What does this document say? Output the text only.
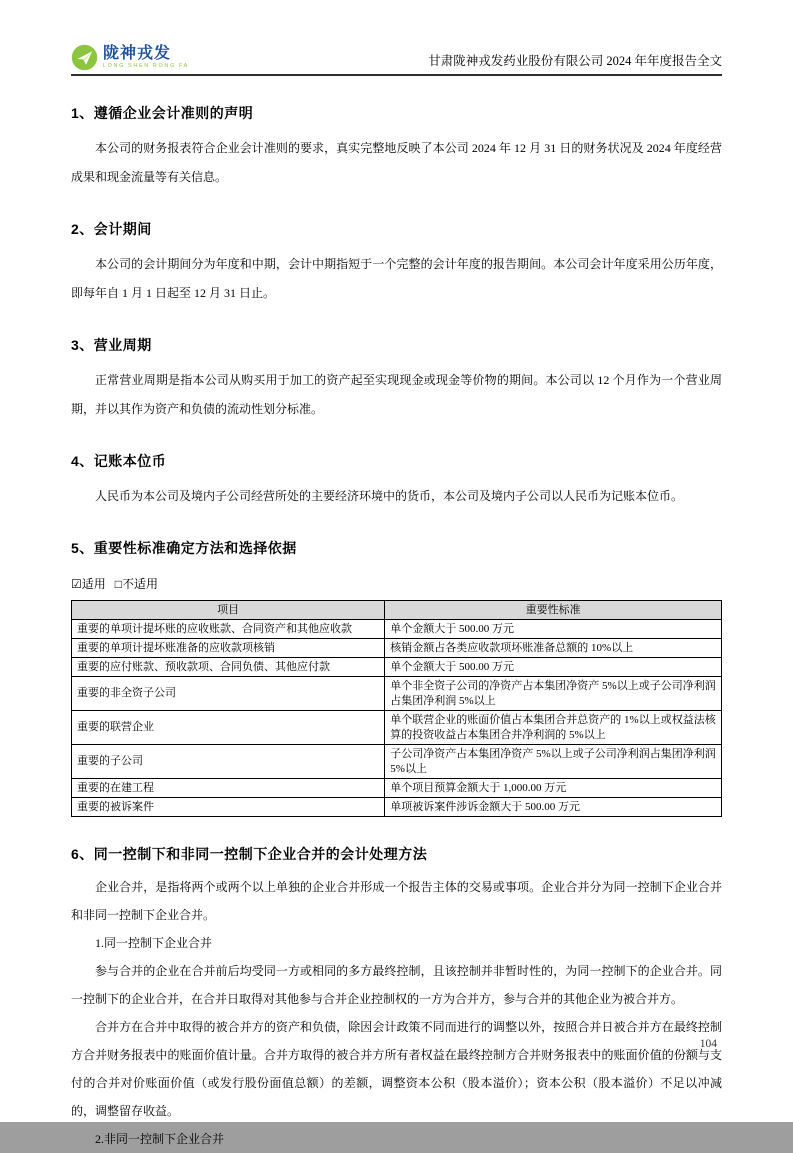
陇神戎发
LONG SHEN RONG FA	甘肃陇神戎发药业股份有限公司 2024 年年度报告全文
1、遵循企业会计准则的声明

本公司的财务报表符合企业会计准则的要求，真实完整地反映了本公司 2024 年 12 月 31 日的财务状况及 2024 年度经营成果和现金流量等有关信息。

2、会计期间

本公司的会计期间分为年度和中期，会计中期指短于一个完整的会计年度的报告期间。本公司会计年度采用公历年度，即每年自 1 月 1 日起至 12 月 31 日止。

3、营业周期

正常营业周期是指本公司从购买用于加工的资产起至实现现金或现金等价物的期间。本公司以 12 个月作为一个营业周期，并以其作为资产和负债的流动性划分标准。

4、记账本位币

人民币为本公司及境内子公司经营所处的主要经济环境中的货币，本公司及境内子公司以人民币为记账本位币。

5、重要性标准确定方法和选择依据
☑适用 □不适用
项目	重要性标准
重要的单项计提坏账的应收账款、合同资产和其他应收款	单个金额大于 500.00 万元
重要的单项计提坏账准备的应收款项核销	核销金额占各类应收款项坏账准备总额的 10%以上
重要的应付账款、预收款项、合同负债、其他应付款	单个金额大于 500.00 万元
重要的非全资子公司	单个非全资子公司的净资产占本集团净资产 5%以上或子公司净利润占集团净利润 5%以上
重要的联营企业	单个联营企业的账面价值占本集团合并总资产的 1%以上或权益法核算的投资收益占本集团合并净利润的 5%以上
重要的子公司	子公司净资产占本集团净资产 5%以上或子公司净利润占集团净利润 5%以上
重要的在建工程	单个项目预算金额大于 1,000.00 万元
重要的被诉案件	单项被诉案件涉诉金额大于 500.00 万元
6、同一控制下和非同一控制下企业合并的会计处理方法

企业合并，是指将两个或两个以上单独的企业合并形成一个报告主体的交易或事项。企业合并分为同一控制下企业合并和非同一控制下企业合并。

1.同一控制下企业合并

参与合并的企业在合并前后均受同一方或相同的多方最终控制，且该控制并非暂时性的，为同一控制下的企业合并。同一控制下的企业合并，在合并日取得对其他参与合并企业控制权的一方为合并方，参与合并的其他企业为被合并方。

合并方在合并中取得的被合并方的资产和负债，除因会计政策不同而进行的调整以外，按照合并日被合并方在最终控制方合并财务报表中的账面价值计量。合并方取得的被合并方所有者权益在最终控制方合并财务报表中的账面价值的份额与支付的合并对价账面价值（或发行股份面值总额）的差额，调整资本公积（股本溢价）；资本公积（股本溢价）不足以冲减的，调整留存收益。

2.非同一控制下企业合并

104
